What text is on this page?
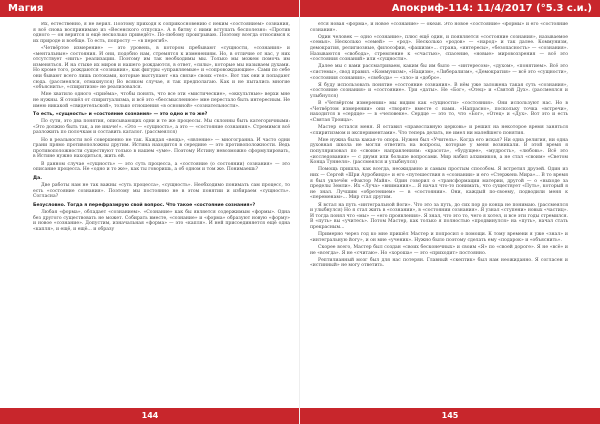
Магия

Их, естественно, я не верил. Поэтому приходя к соприкосновению с неким «состоянием» сознания, я всё снова воспринимаю из «Весенского отпуска». А в битву с ними вступать бесполезно: «Против одного — он верится и ещё несколько приведёт». По-любому проигрываю. Поэтому всегда относимся к их природе и вообще. То есть, попросту — «в перегиб».

«Четвёртое измерение» — это уровень, в котором пребывают «сущности, «сознания» и «ментальные» состояния. И они, подобно нам, стремятся к изменениям. Но, в отличие от нас, у них отсутствует «нить» реализации. Поэтому им так необходимы мы. Только мы можем помочь им изменяться. И на стыке их миров и нашего рождаются, в ответ, «силы», которые мы называем духами. Но кроме того, рождаются «сознания», как фигуры «управляемые» и «сопровождающие». Сами по себе они бывают всего лишь потоками, которые выступают «на связи» своих «тел». Вот так они и попадают сюда. (рассмеялся, отмахнулся) Во всяком случае, я так предполагаю. Как и не пытались многие «объяснить», «спиритизм» не реализовался.

Мне хватило одного «приёма», чтобы понять, что все эти «мистические», «оккультные» верхи мне не нужны. Я отошёл от спиритуализма, и всё это «бессмысленное» мне перестало быть интересным. Не имею никакой «свидетельской», только отношения «в основной» «сознательности».

То есть, «сущность» и «состояние сознания» — это одно и то же?

По сути, это два понятия, описывающих одни и те же процессы. Мы склонны быть категоричными: «Это должно быть так, а не иначе!». «Это — «сущность», а это — «состояние сознания». Стремимся всё разложить по полочкам и составить каталог. (рассмеялся)

Но в реальности всё совершенно не так. Каждая «вещь», «явление» — многогранна. И часто одни грани прямо противоположны другим. Истина находится в середине — это противоположности. Ведь противоположности существуют только в нашем «уме». Поэтому Истину невозможно сформулировать, в Истине нужно находиться, жить ей.

В данном случае «сущность» — это суть процесса, а «состояние (о состоянии) сознания» — это описание процесса. Не «одно и то же», как ты говоришь, а об одном и том же. Понимаешь?

Да.

Две работы нам не так важны «суть процесса», «сущность». Необходимо понимать сам процесс, то есть «состояние сознания». Поэтому мы постоянно не в этом понятии и избираем «сущность». Согласна?

Безусловно. Тогда я перефразирую свой вопрос. Что такое «состояние сознания»?

Любая «форма», обладает «сознанием». «Сознание» как бы является содержимым «формы». Одна без другого существовать не может. Собирать вместе, «сознание» и «форма» образуют новую «форму» и новое «сознание». Допустим, изначальная «форма» — это «капля». И ней присоединяется ещё одна «капля», и ещё, и ещё... и образу

144
Апокриф-114: 11/4/2017 (°5.3 с.и.)

ется новая «форма», и новое «сознание» — океан. Это новое «состояние» «формы» и его «состояние сознания».

Один человек — одно «сознание», плюс ещё один, и появляется «состояние сознания», называемое «семья». Несколько «семей» — «род». Несколько «родов» — «народ» и так далее. Коммунизм, демократия, религиозные, философии, «фашизм»... страна, «интересы», «безопасность» — «сознания». Называются «свобода», стремление к «счастью», спасение, «новые» мировоззрения — всё это «состояния сознаний» или «сущности».

Далее мы с вами рассматриваем, каким бы им было — «интересом», «духом», «понятием». Всё это «системы», свод правил. «Коммунизм», «Нацизм», «Либерализм», «Демократия» — всё это «сущности», «состояния сознания», «свобода» — «зло» и «добро».

Я буду использовать понятие «состояние сознания». В нём уже заложена такая суть «сознания», «состояние сознания» и «состояние». Три «даты». Не «Бог», «Отец» и «Святой Дух». (рассмеялся и улыбнулся)

В «Четвёртом измерении» мы видим как «сущности» «состояния». Они используют нас. Но в «Четвёртом измерении» они «творят» вместе с нами. «Напрасно», поскольку точка «встречи», находится в «сердце» — в «человеке». Сердце — это то, что «Бог», «Отец» и «Дух». Вот это и есть «Святая Троица».

Мастер остался меня. Я оставил «православную церковь» и решил на некоторое время заняться «спиритизмом и экспериментами». Что теперь делать, не имел ни малейшего понятия.

Мне нужна была какая-то опора. Нужен был «Учитель». Когда его искал? Ни одна религия, ни одна духовная школа не могли ответить на вопросы, которые у меня возникали. В этой время я популяризовал по «своим» направлениям: «красота», «будущее», «мудрость», «любовь». Всё это «исследования» — с двумя или больше вопросами. Мир набил алхимиков, а не стал «своим» «Светом Конца Туннеля». (рассмеялся и улыбнулся)

Помощь пришла, как всегда, неожиданно и самым простым способом. Я встретил друзей. Один из них — Сергей «Шри Ауробиндо» и его «путешествия в «сознании» и его «Стержень Мира»... В то время я был увлечён «Фактор Майя». Один говорил о «трансформации материи, другой — о «выходе за пределы Земли». Их «Луча» «внимания»... Я начал что-то понимать, что существует «Путь», который я не знал. Лучшим «обретением» — в «состоянии». Они, каждый по-своему, подводили меня к «переменам»... Мир стал другим.

Я встал на путь «интегральной йоги». Что это за путь, до сих пор до конца не понимаю. (рассмеялся и улыбнулся) Но я стал жить в «сознании», в «состоянии сознания». Я узнал «ступени» новых «частиц». И тогда понял что «мы» — «его проявления». Я знал, что это то, чего я хотел, и все эти годы стремился. В «путь» вы «учитесь». Потом Мастер, как только я полностью «продвинулся» на «путь», начал стать прекрасным...

Примерно через год ко мне пришёл Мастер и попросил о помощи. К тому времени я уже «знал» и «интегральную йогу», и он мне «ученик». Нужно было поэтому сделать ему «подарок» и «объяснить».

Скорее всего, Мастер был создан «своих бесконечных» и своим «Я» по «своей дороге». Я не «всё» и не «всегда». Я не «считаю». Но «хороша» — это «приходит» постоянно.

Рептилианный мозг был для нас потерян. Главный «скептик» был нам неожиданно. Я согласен и «истинный» не могу ответить.

145
